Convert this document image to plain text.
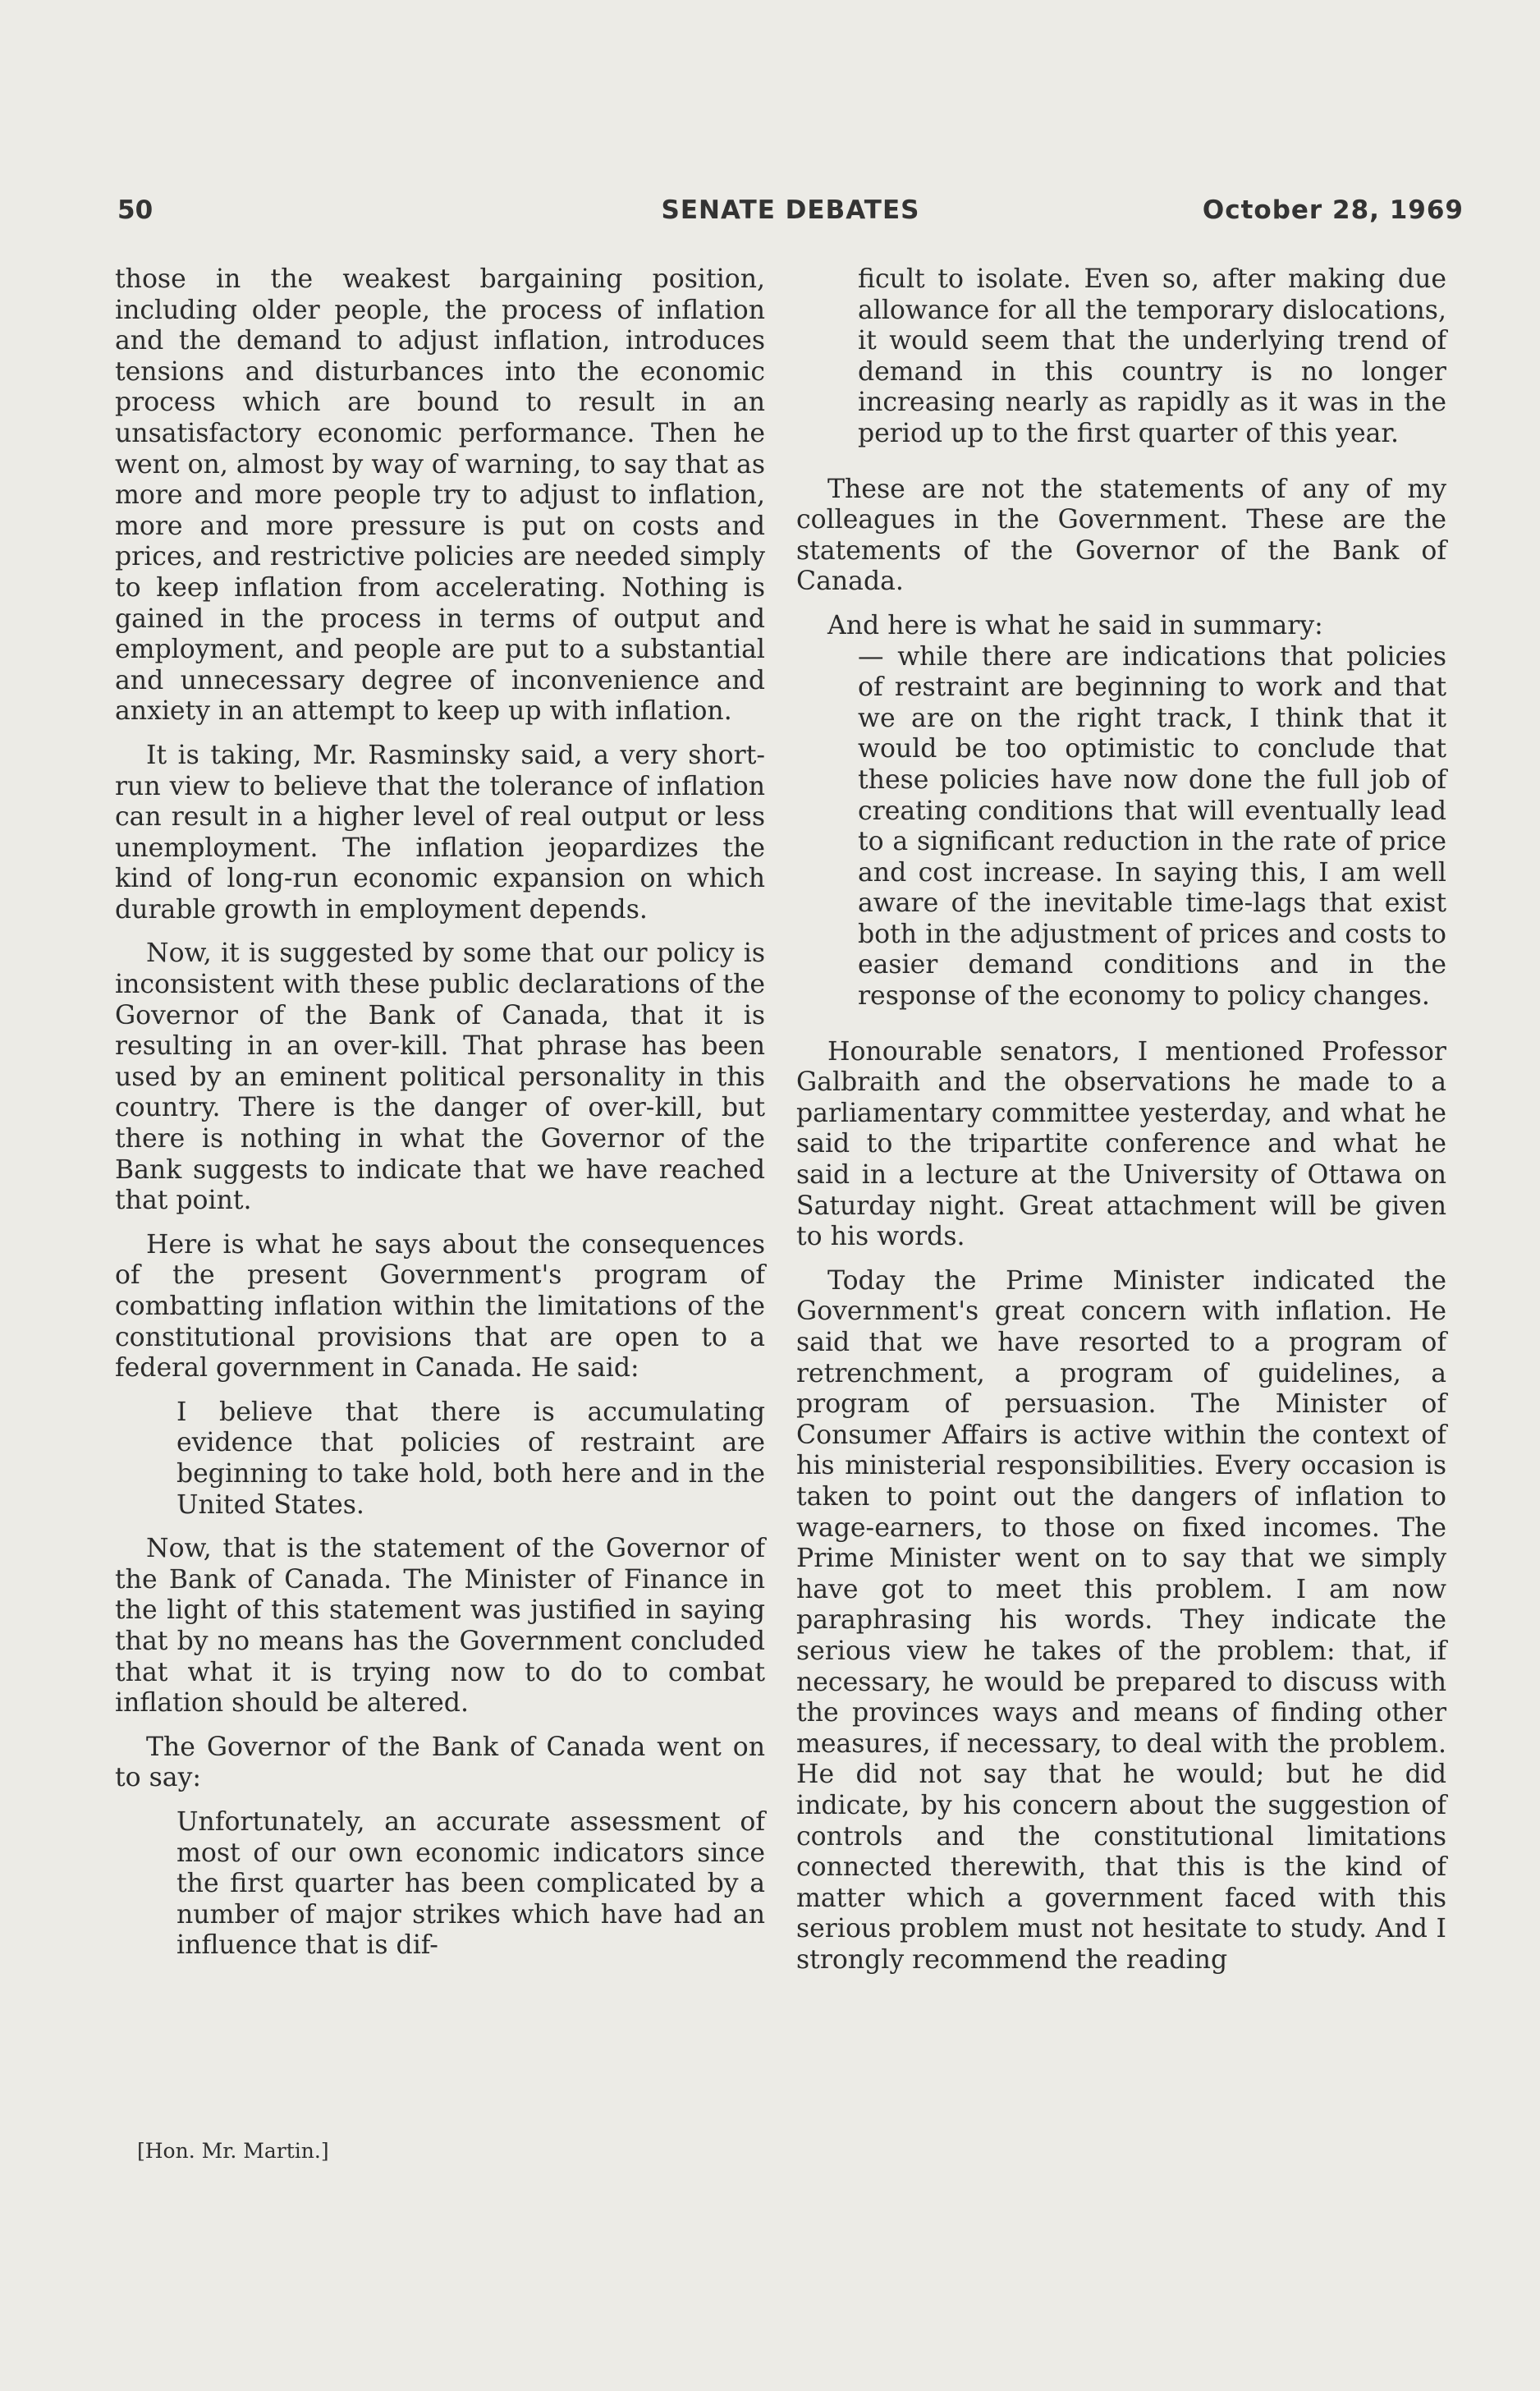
50	SENATE DEBATES	October 28, 1969

those in the weakest bargaining position, including older people, the process of inflation and the demand to adjust inflation, introduces tensions and disturbances into the economic process which are bound to result in an unsatisfactory economic performance. Then he went on, almost by way of warning, to say that as more and more people try to adjust to inflation, more and more pressure is put on costs and prices, and restrictive policies are needed simply to keep inflation from accelerating. Nothing is gained in the process in terms of output and employment, and people are put to a substantial and unnecessary degree of inconvenience and anxiety in an attempt to keep up with inflation.

It is taking, Mr. Rasminsky said, a very short-run view to believe that the tolerance of inflation can result in a higher level of real output or less unemployment. The inflation jeopardizes the kind of long-run economic expansion on which durable growth in employment depends.

Now, it is suggested by some that our policy is inconsistent with these public declarations of the Governor of the Bank of Canada, that it is resulting in an over-kill. That phrase has been used by an eminent political personality in this country. There is the danger of over-kill, but there is nothing in what the Governor of the Bank suggests to indicate that we have reached that point.

Here is what he says about the consequences of the present Government's program of combatting inflation within the limitations of the constitutional provisions that are open to a federal government in Canada. He said:

I believe that there is accumulating evidence that policies of restraint are beginning to take hold, both here and in the United States.

Now, that is the statement of the Governor of the Bank of Canada. The Minister of Finance in the light of this statement was justified in saying that by no means has the Government concluded that what it is trying now to do to combat inflation should be altered.

The Governor of the Bank of Canada went on to say:

Unfortunately, an accurate assessment of most of our own economic indicators since the first quarter has been complicated by a number of major strikes which have had an influence that is dif-

ficult to isolate. Even so, after making due allowance for all the temporary dislocations, it would seem that the underlying trend of demand in this country is no longer increasing nearly as rapidly as it was in the period up to the first quarter of this year.

These are not the statements of any of my colleagues in the Government. These are the statements of the Governor of the Bank of Canada.

And here is what he said in summary:

— while there are indications that policies of restraint are beginning to work and that we are on the right track, I think that it would be too optimistic to conclude that these policies have now done the full job of creating conditions that will eventually lead to a significant reduction in the rate of price and cost increase. In saying this, I am well aware of the inevitable time-lags that exist both in the adjustment of prices and costs to easier demand conditions and in the response of the economy to policy changes.

Honourable senators, I mentioned Professor Galbraith and the observations he made to a parliamentary committee yesterday, and what he said to the tripartite conference and what he said in a lecture at the University of Ottawa on Saturday night. Great attachment will be given to his words.

Today the Prime Minister indicated the Government's great concern with inflation. He said that we have resorted to a program of retrenchment, a program of guidelines, a program of persuasion. The Minister of Consumer Affairs is active within the context of his ministerial responsibilities. Every occasion is taken to point out the dangers of inflation to wage-earners, to those on fixed incomes. The Prime Minister went on to say that we simply have got to meet this problem. I am now paraphrasing his words. They indicate the serious view he takes of the problem: that, if necessary, he would be prepared to discuss with the provinces ways and means of finding other measures, if necessary, to deal with the problem. He did not say that he would; but he did indicate, by his concern about the suggestion of controls and the constitutional limitations connected therewith, that this is the kind of matter which a government faced with this serious problem must not hesitate to study. And I strongly recommend the reading

[Hon. Mr. Martin.]
